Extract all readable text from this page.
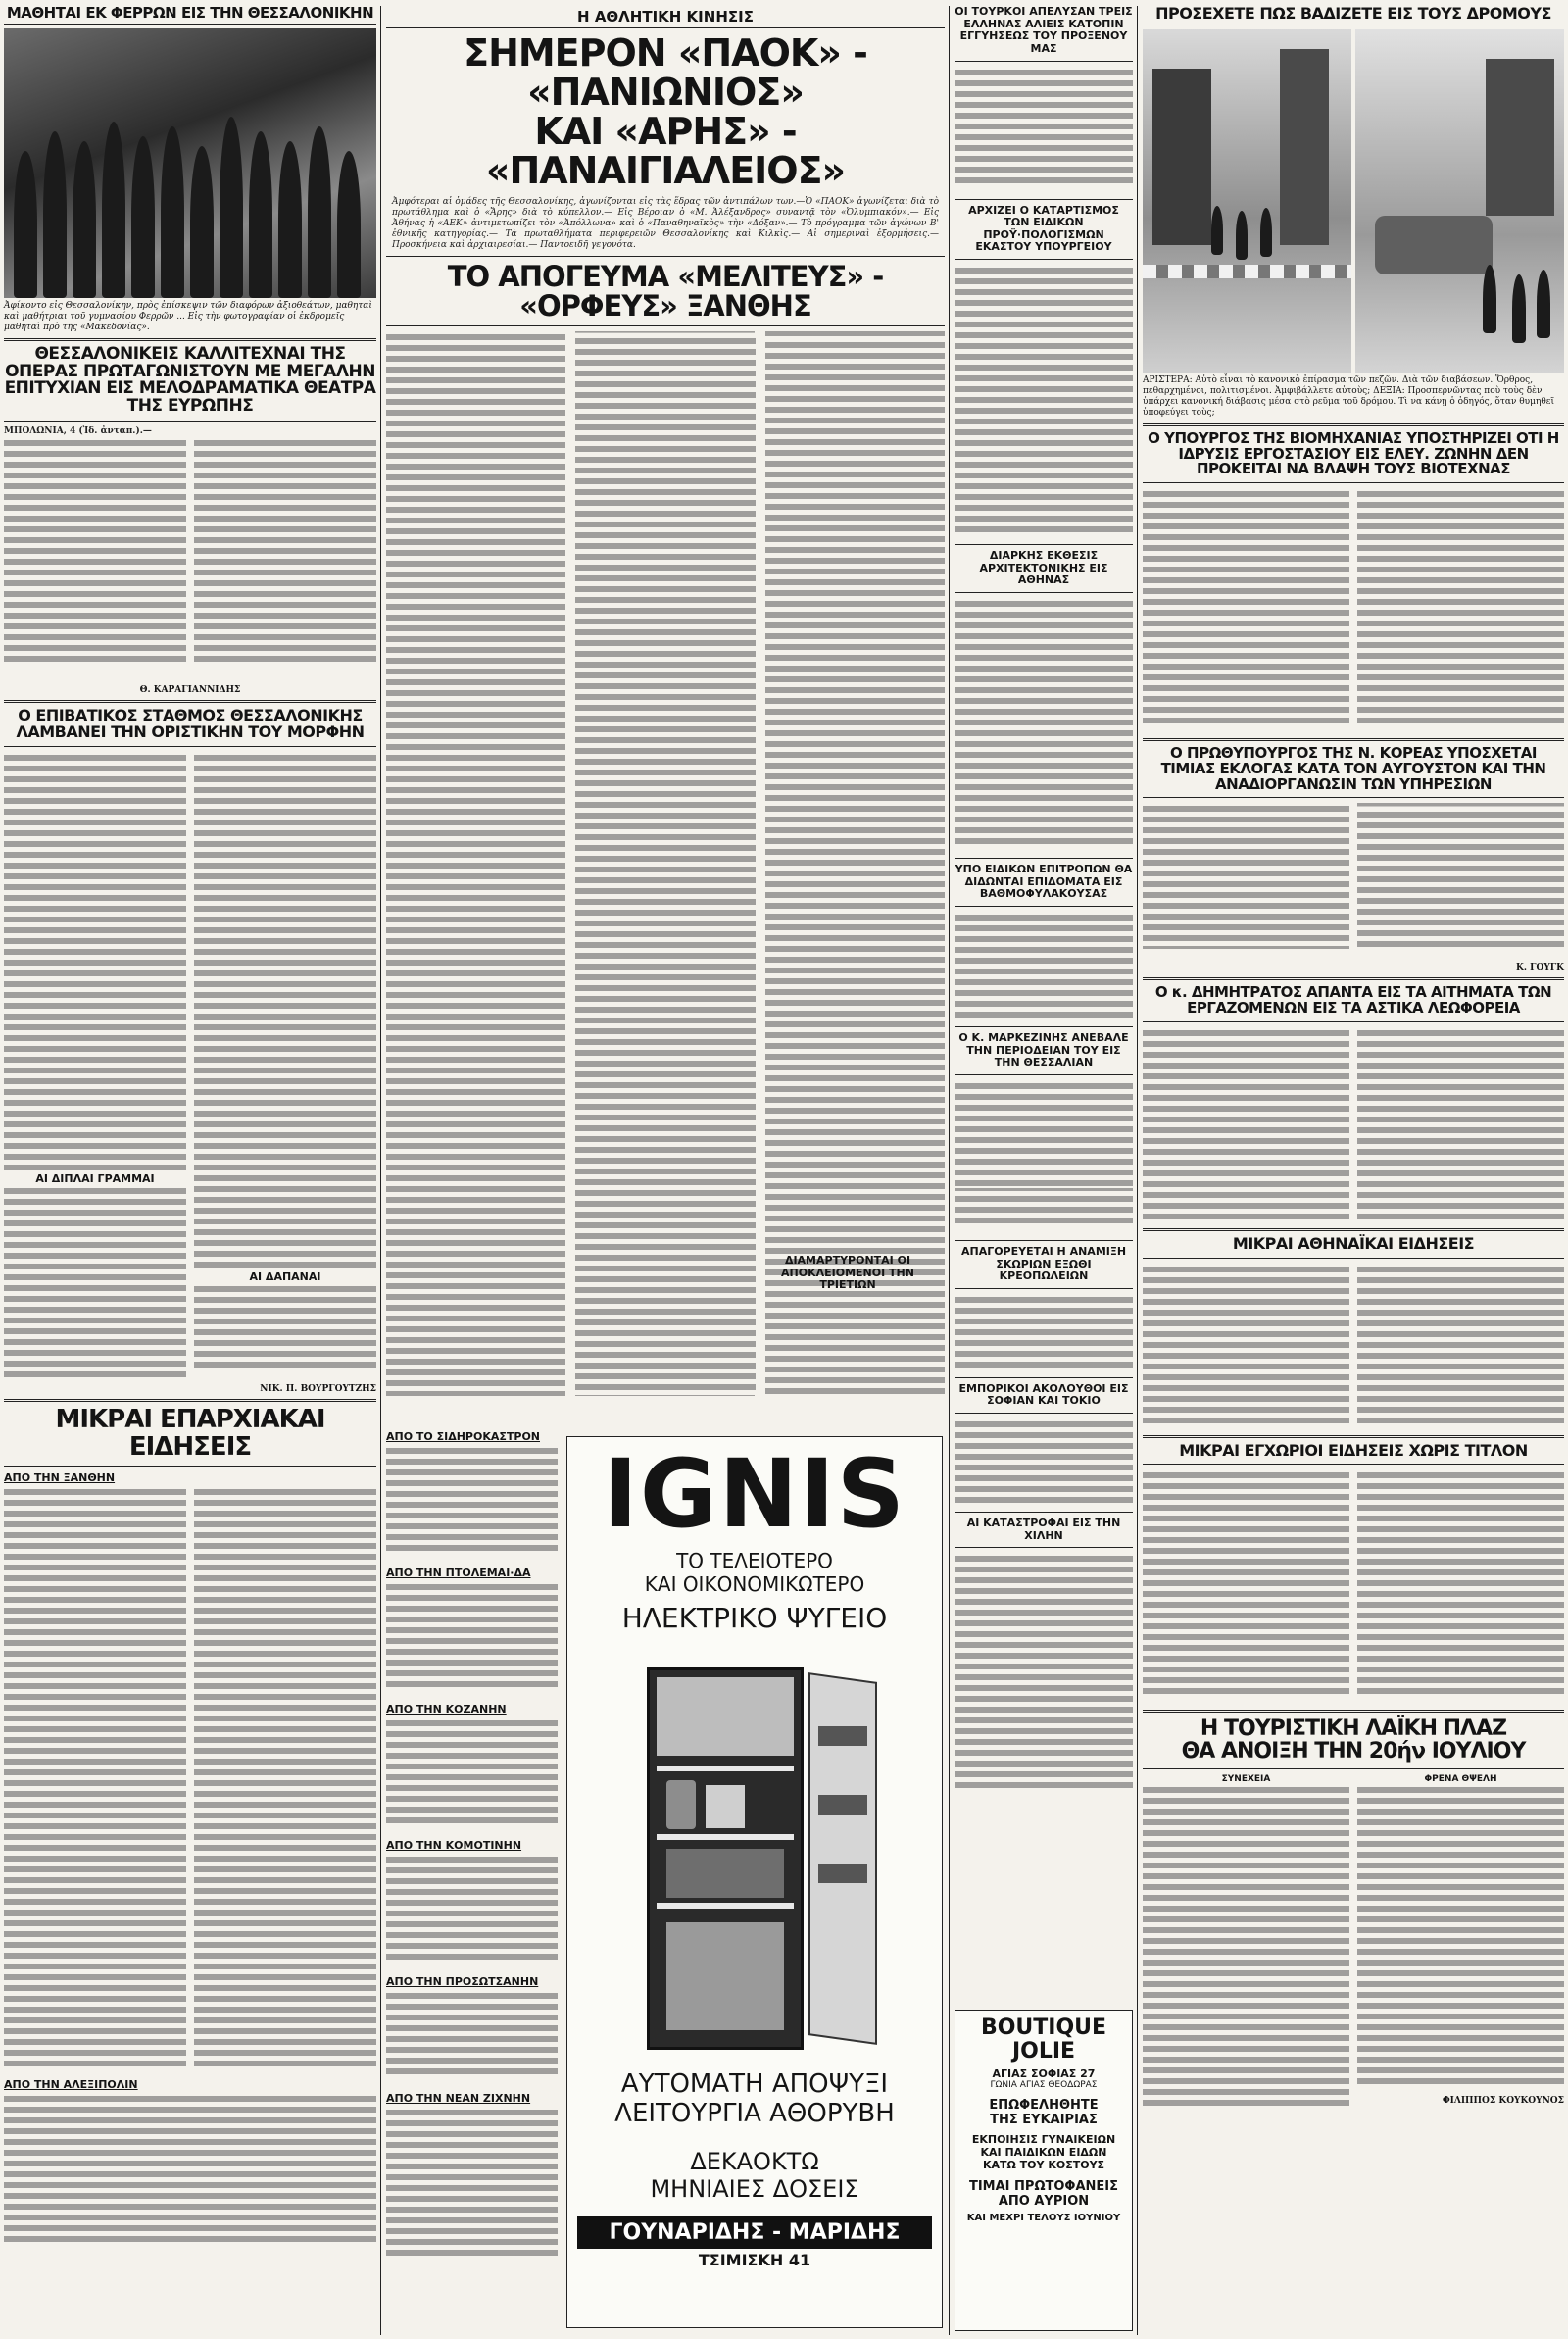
ΜΑΘΗΤΑΙ ΕΚ ΦΕΡΡΩΝ ΕΙΣ ΤΗΝ ΘΕΣΣΑΛΟΝΙΚΗΝ
Ἀφίκοντο εἰς Θεσσαλονίκην, πρὸς ἐπίσκεψιν τῶν διαφόρων ἀξιοθεάτων, μαθηταὶ καὶ μαθήτριαι τοῦ γυμνασίου Φερρῶν ... Εἰς τὴν φωτογραφίαν οἱ ἐκδρομεῖς μαθηταὶ πρὸ τῆς «Μακεδονίας».
ΘΕΣΣΑΛΟΝΙΚΕΙΣ ΚΑΛΛΙΤΕΧΝΑΙ ΤΗΣ ΟΠΕΡΑΣ ΠΡΩΤΑΓΩΝΙΣΤΟΥΝ ΜΕ ΜΕΓΑΛΗΝ ΕΠΙΤΥΧΙΑΝ ΕΙΣ ΜΕΛΟΔΡΑΜΑΤΙΚΑ ΘΕΑΤΡΑ ΤΗΣ ΕΥΡΩΠΗΣ
ΜΠΟΛΩΝΙΑ, 4 (Ἰδ. ἀνταπ.).—
Θ. ΚΑΡΑΓΙΑΝΝΙΔΗΣ
Ο ΕΠΙΒΑΤΙΚΟΣ ΣΤΑΘΜΟΣ ΘΕΣΣΑΛΟΝΙΚΗΣ ΛΑΜΒΑΝΕΙ ΤΗΝ ΟΡΙΣΤΙΚΗΝ ΤΟΥ ΜΟΡΦΗΝ
ΑΙ ΔΙΠΛΑΙ ΓΡΑΜΜΑΙ
ΑΙ ΔΑΠΑΝΑΙ
ΝΙΚ. Π. ΒΟΥΡΓΟΥΤΖΗΣ
ΜΙΚΡΑΙ ΕΠΑΡΧΙΑΚΑΙ ΕΙΔΗΣΕΙΣ
ΑΠΟ ΤΗΝ ΞΑΝΘΗΝ
ΑΠΟ ΤΗΝ ΑΛΕΞΙΠΟΛΙΝ
Η ΑΘΛΗΤΙΚΗ ΚΙΝΗΣΙΣ
ΣΗΜΕΡΟΝ «ΠΑΟΚ» - «ΠΑΝΙΩΝΙΟΣ»
ΚΑΙ «ΑΡΗΣ» - «ΠΑΝΑΙΓΙΑΛΕΙΟΣ»
Ἀμφότεραι αἱ ὁμάδες τῆς Θεσσαλονίκης, ἀγωνίζονται εἰς τὰς ἕδρας τῶν ἀντιπάλων των.—Ὁ «ΠΑΟΚ» ἀγωνίζεται διὰ τὸ πρωτάθλημα καὶ ὁ «Ἄρης» διὰ τὸ κύπελλον.— Εἰς Βέροιαν ὁ «Μ. Ἀλέξανδρος» συναντᾷ τὸν «Ὀλυμπιακόν».— Εἰς Ἀθήνας ἡ «ΑΕΚ» ἀντιμετωπίζει τὸν «Ἀπόλλωνα» καὶ ὁ «Παναθηναϊκὸς» τὴν «Δόξαν».— Τὸ πρόγραμμα τῶν ἀγώνων Β' ἐθνικῆς κατηγορίας.— Τὰ πρωταθλήματα περιφερειῶν Θεσσαλονίκης καὶ Κιλκὶς.— Αἱ σημεριναὶ ἐξορμήσεις.— Προσκήνεια καὶ ἀρχιαιρεσίαι.— Παντοειδῆ γεγονότα.
ΤΟ ΑΠΟΓΕΥΜΑ «ΜΕΛΙΤΕΥΣ» - «ΟΡΦΕΥΣ» ΞΑΝΘΗΣ
ΔΙΑΜΑΡΤΥΡΟΝΤΑΙ ΟΙ ΑΠΟΚΛΕΙΟΜΕΝΟΙ ΤΗΝ ΤΡΙΕΤΙΩΝ
ΑΠΟ ΤΟ ΣΙΔΗΡΟΚΑΣΤΡΟΝ
ΑΠΟ ΤΗΝ ΠΤΟΛΕΜΑΙ·ΔΑ
ΑΠΟ ΤΗΝ ΚΟΖΑΝΗΝ
ΑΠΟ ΤΗΝ ΚΟΜΟΤΙΝΗΝ
ΑΠΟ ΤΗΝ ΠΡΟΣΩΤΣΑΝΗΝ
ΑΠΟ ΤΗΝ ΝΕΑΝ ΖΙΧΝΗΝ
IGNIS
ΤΟ ΤΕΛΕΙΟΤΕΡΟ
ΚΑΙ ΟΙΚΟΝΟΜΙΚΩΤΕΡΟ
ΗΛΕΚΤΡΙΚΟ ΨΥΓΕΙΟ
ΑΥΤΟΜΑΤΗ ΑΠΟΨΥΞΙ
ΛΕΙΤΟΥΡΓΙΑ ΑΘΟΡΥΒΗ
ΔΕΚΑΟΚΤΩ
ΜΗΝΙΑΙΕΣ ΔΟΣΕΙΣ
ΓΟΥΝΑΡΙΔΗΣ - ΜΑΡΙΔΗΣ
ΤΣΙΜΙΣΚΗ 41
ΟΙ ΤΟΥΡΚΟΙ ΑΠΕΛΥΣΑΝ ΤΡΕΙΣ ΕΛΛΗΝΑΣ ΑΛΙΕΙΣ ΚΑΤΟΠΙΝ ΕΓΓΥΗΣΕΩΣ ΤΟΥ ΠΡΟΞΕΝΟΥ ΜΑΣ
ΑΡΧΙΖΕΙ Ο ΚΑΤΑΡΤΙΣΜΟΣ ΤΩΝ ΕΙΔΙΚΩΝ ΠΡΟΫ·ΠΟΛΟΓΙΣΜΩΝ ΕΚΑΣΤΟΥ ΥΠΟΥΡΓΕΙΟΥ
ΔΙΑΡΚΗΣ ΕΚΘΕΣΙΣ ΑΡΧΙΤΕΚΤΟΝΙΚΗΣ ΕΙΣ ΑΘΗΝΑΣ
ΥΠΟ ΕΙΔΙΚΩΝ ΕΠΙΤΡΟΠΩΝ ΘΑ ΔΙΔΩΝΤΑΙ ΕΠΙΔΟΜΑΤΑ ΕΙΣ ΒΑΘΜΟΦΥΛΑΚΟΥΣΑΣ
ΑΠΑΓΟΡΕΥΕΤΑΙ Η ΑΝΑΜΙΞΗ ΣΚΩΡΙΩΝ ΕΞΩΘΙ ΚΡΕΟΠΩΛΕΙΩΝ
ΕΜΠΟΡΙΚΟΙ ΑΚΟΛΟΥΘΟΙ ΕΙΣ ΣΟΦΙΑΝ ΚΑΙ ΤΟΚΙΟ
ΑΙ ΚΑΤΑΣΤΡΟΦΑΙ ΕΙΣ ΤΗΝ ΧΙΛΗΝ
BOUTIQUE
JOLIE
ΑΓΙΑΣ ΣΟΦΙΑΣ 27
ΓΩΝΙΑ ΑΓΙΑΣ ΘΕΟΔΩΡΑΣ
ΕΠΩΦΕΛΗΘΗΤΕ
ΤΗΣ ΕΥΚΑΙΡΙΑΣ
ΕΚΠΟΙΗΣΙΣ ΓΥΝΑΙΚΕΙΩΝ
ΚΑΙ ΠΑΙΔΙΚΩΝ ΕΙΔΩΝ
ΚΑΤΩ ΤΟΥ ΚΟΣΤΟΥΣ
ΤΙΜΑΙ ΠΡΩΤΟΦΑΝΕΙΣ
ΑΠΟ ΑΥΡΙΟΝ
ΚΑΙ ΜΕΧΡΙ ΤΕΛΟΥΣ ΙΟΥΝΙΟΥ
ΠΡΟΣΕΧΕΤΕ ΠΩΣ ΒΑΔΙΖΕΤΕ ΕΙΣ ΤΟΥΣ ΔΡΟΜΟΥΣ
ΑΡΙΣΤΕΡΑ: Αὐτὸ εἶναι τὸ κανονικὸ ἐπίρασμα τῶν πεζῶν. Διὰ τῶν διαβάσεων. Ὅρθρος, πεθαρχημένοι, πολιτισμένοι. Ἀμφιβάλλετε αὐτοὺς; ΔΕΞΙΑ: Προσπερνῶντας ποὺ τοὺς δὲν ὑπάρχει κανονική διάβασις μέσα στὸ ρεῦμα τοῦ δρόμου. Τὶ να κάνῃ ὁ ὁδηγός, ὅταν θυμηθεῖ ὑποφεύγει τοὺς;
Ο ΥΠΟΥΡΓΟΣ ΤΗΣ ΒΙΟΜΗΧΑΝΙΑΣ ΥΠΟΣΤΗΡΙΖΕΙ ΟΤΙ Η ΙΔΡΥΣΙΣ ΕΡΓΟΣΤΑΣΙΟΥ ΕΙΣ ΕΛΕΥ. ΖΩΝΗΝ ΔΕΝ ΠΡΟΚΕΙΤΑΙ ΝΑ ΒΛΑΨΗ ΤΟΥΣ ΒΙΟΤΕΧΝΑΣ
Ο ΠΡΩΘΥΠΟΥΡΓΟΣ ΤΗΣ Ν. ΚΟΡΕΑΣ ΥΠΟΣΧΕΤΑΙ ΤΙΜΙΑΣ ΕΚΛΟΓΑΣ ΚΑΤΑ ΤΟΝ ΑΥΓΟΥΣΤΟΝ ΚΑΙ ΤΗΝ ΑΝΑΔΙΟΡΓΑΝΩΣΙΝ ΤΩΝ ΥΠΗΡΕΣΙΩΝ
Κ. ΓΟΥΓΚ
Ο κ. ΔΗΜΗΤΡΑΤΟΣ ΑΠΑΝΤΑ ΕΙΣ ΤΑ ΑΙΤΗΜΑΤΑ ΤΩΝ ΕΡΓΑΖΟΜΕΝΩΝ ΕΙΣ ΤΑ ΑΣΤΙΚΑ ΛΕΩΦΟΡΕΙΑ
ΜΙΚΡΑΙ ΑΘΗΝΑΪΚΑΙ ΕΙΔΗΣΕΙΣ
ΜΙΚΡΑΙ ΕΓΧΩΡΙΟΙ ΕΙΔΗΣΕΙΣ ΧΩΡΙΣ ΤΙΤΛΟΝ
Η ΤΟΥΡΙΣΤΙΚΗ ΛΑΪΚΗ ΠΛΑΖ
ΘΑ ΑΝΟΙΞΗ ΤΗΝ 20ήν ΙΟΥΛΙΟΥ
ΣΥΝΕΧΕΙΑ	ΦΡΕΝΑ ΘΨΕΛΗ
ΦΙΛΙΠΠΟΣ ΚΟΥΚΟΥΝΟΣ
Ο Κ. ΜΑΡΚΕΖΙΝΗΣ ΑΝΕΒΑΛΕ ΤΗΝ ΠΕΡΙΟΔΕΙΑΝ ΤΟΥ ΕΙΣ ΤΗΝ ΘΕΣΣΑΛΙΑΝ
